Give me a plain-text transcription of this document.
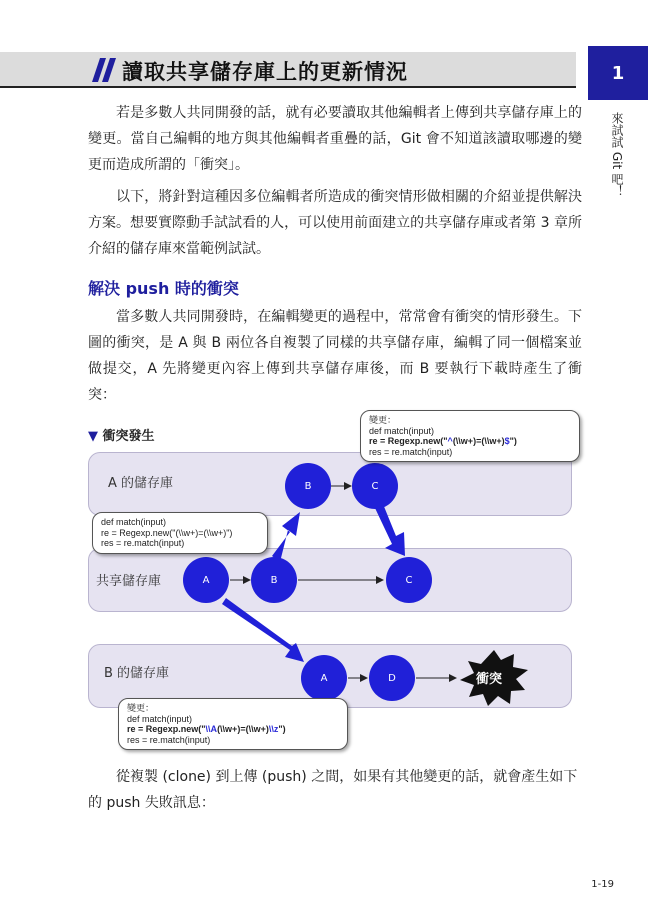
讀取共享儲存庫上的更新情況	1
來試試 Git 吧！
若是多數人共同開發的話，就有必要讀取其他編輯者上傳到共享儲存庫上的變更。當自己編輯的地方與其他編輯者重疊的話，Git 會不知道該讀取哪邊的變更而造成所謂的「衝突」。
以下，將針對這種因多位編輯者所造成的衝突情形做相關的介紹並提供解決方案。想要實際動手試試看的人，可以使用前面建立的共享儲存庫或者第 3 章所介紹的儲存庫來當範例試試。
解決 push 時的衝突
當多數人共同開發時，在編輯變更的過程中，常常會有衝突的情形發生。下圖的衝突，是 A 與 B 兩位各自複製了同樣的共享儲存庫，編輯了同一個檔案並做提交，A 先將變更內容上傳到共享儲存庫後，而 B 要執行下載時產生了衝突：
▼ 衝突發生
A 的儲存庫
共享儲存庫
B 的儲存庫
B	C
A	B	C
A	D	衝突
變更：
def match(input)
re = Regexp.new("^(\\w+)=(\\w+)$")
res = re.match(input)
def match(input)
re = Regexp.new("(\\w+)=(\\w+)")
res = re.match(input)
變更：
def match(input)
re = Regexp.new("\\A(\\w+)=(\\w+)\\z")
res = re.match(input)
從複製 (clone) 到上傳 (push) 之間，如果有其他變更的話，就會產生如下的 push 失敗訊息：
1-19
